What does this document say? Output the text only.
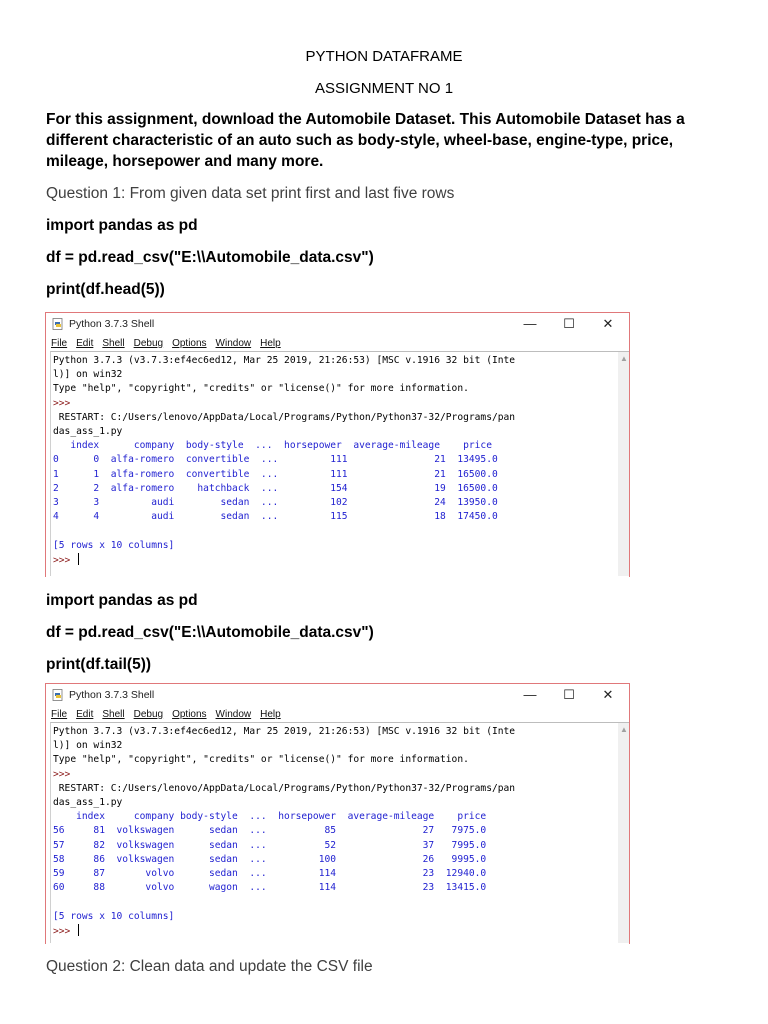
PYTHON DATAFRAME
ASSIGNMENT NO 1
For this assignment, download the Automobile Dataset. This Automobile Dataset has a different characteristic of an auto such as body-style, wheel-base, engine-type, price, mileage, horsepower and many more.
Question 1: From given data set print first and last five rows
import pandas as pd
df = pd.read_csv("E:\\Automobile_data.csv")
print(df.head(5))
Python 3.7.3 Shell	—	☐	✕
File Edit Shell Debug Options Window Help
Python 3.7.3 (v3.7.3:ef4ec6ed12, Mar 25 2019, 21:26:53) [MSC v.1916 32 bit (Inte
l)] on win32
Type "help", "copyright", "credits" or "license()" for more information.
>>>
RESTART: C:/Users/lenovo/AppData/Local/Programs/Python/Python37-32/Programs/pan
das_ass_1.py
index      company  body-style  ...  horsepower  average-mileage    price
0      0  alfa-romero  convertible  ...         111               21  13495.0
1      1  alfa-romero  convertible  ...         111               21  16500.0
2      2  alfa-romero    hatchback  ...         154               19  16500.0
3      3         audi        sedan  ...         102               24  13950.0
4      4         audi        sedan  ...         115               18  17450.0

[5 rows x 10 columns]
>>>
▲
import pandas as pd
df = pd.read_csv("E:\\Automobile_data.csv")
print(df.tail(5))
Python 3.7.3 Shell	—	☐	✕
File Edit Shell Debug Options Window Help
Python 3.7.3 (v3.7.3:ef4ec6ed12, Mar 25 2019, 21:26:53) [MSC v.1916 32 bit (Inte
l)] on win32
Type "help", "copyright", "credits" or "license()" for more information.
>>>
RESTART: C:/Users/lenovo/AppData/Local/Programs/Python/Python37-32/Programs/pan
das_ass_1.py
index     company body-style  ...  horsepower  average-mileage    price
56     81  volkswagen      sedan  ...          85               27   7975.0
57     82  volkswagen      sedan  ...          52               37   7995.0
58     86  volkswagen      sedan  ...         100               26   9995.0
59     87       volvo      sedan  ...         114               23  12940.0
60     88       volvo      wagon  ...         114               23  13415.0

[5 rows x 10 columns]
>>>
▲
Question 2: Clean data and update the CSV file
